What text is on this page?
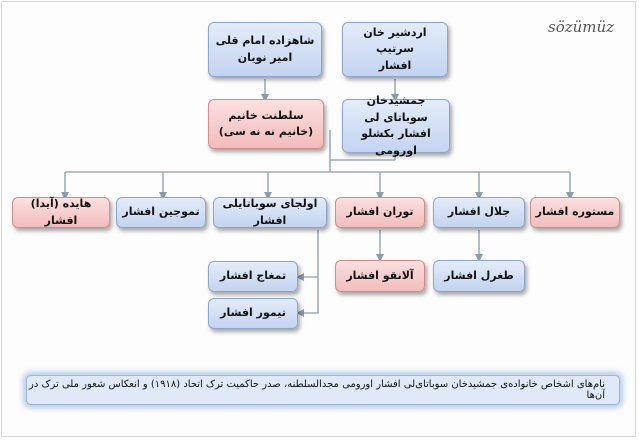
sözümüz
اردشیر خان سرتیپ
افشار
شاهزاده امام قلی
امیر نویان
جمشیدخان سوباتای لی
افشار بکشلو اورومی
سلطنت خانیم
(خانیم نه نه سی)
مستوره افشار
جلال افشار
توران افشار
اولجای سوباتایلی افشار
تموجین افشار
هایده (آیدا) افشار
طغرل افشار
آلانقو افشار
تمغاج افشار
تیمور افشار
نام‌های اشخاص خانواده‌ی جمشیدخان سوباتای‌لی افشار اورومی مجدالسلطنه، صدر حاکمیت ترک اتحاد (۱۹۱۸) و انعکاس شعور ملی ترک در آن‌ها
